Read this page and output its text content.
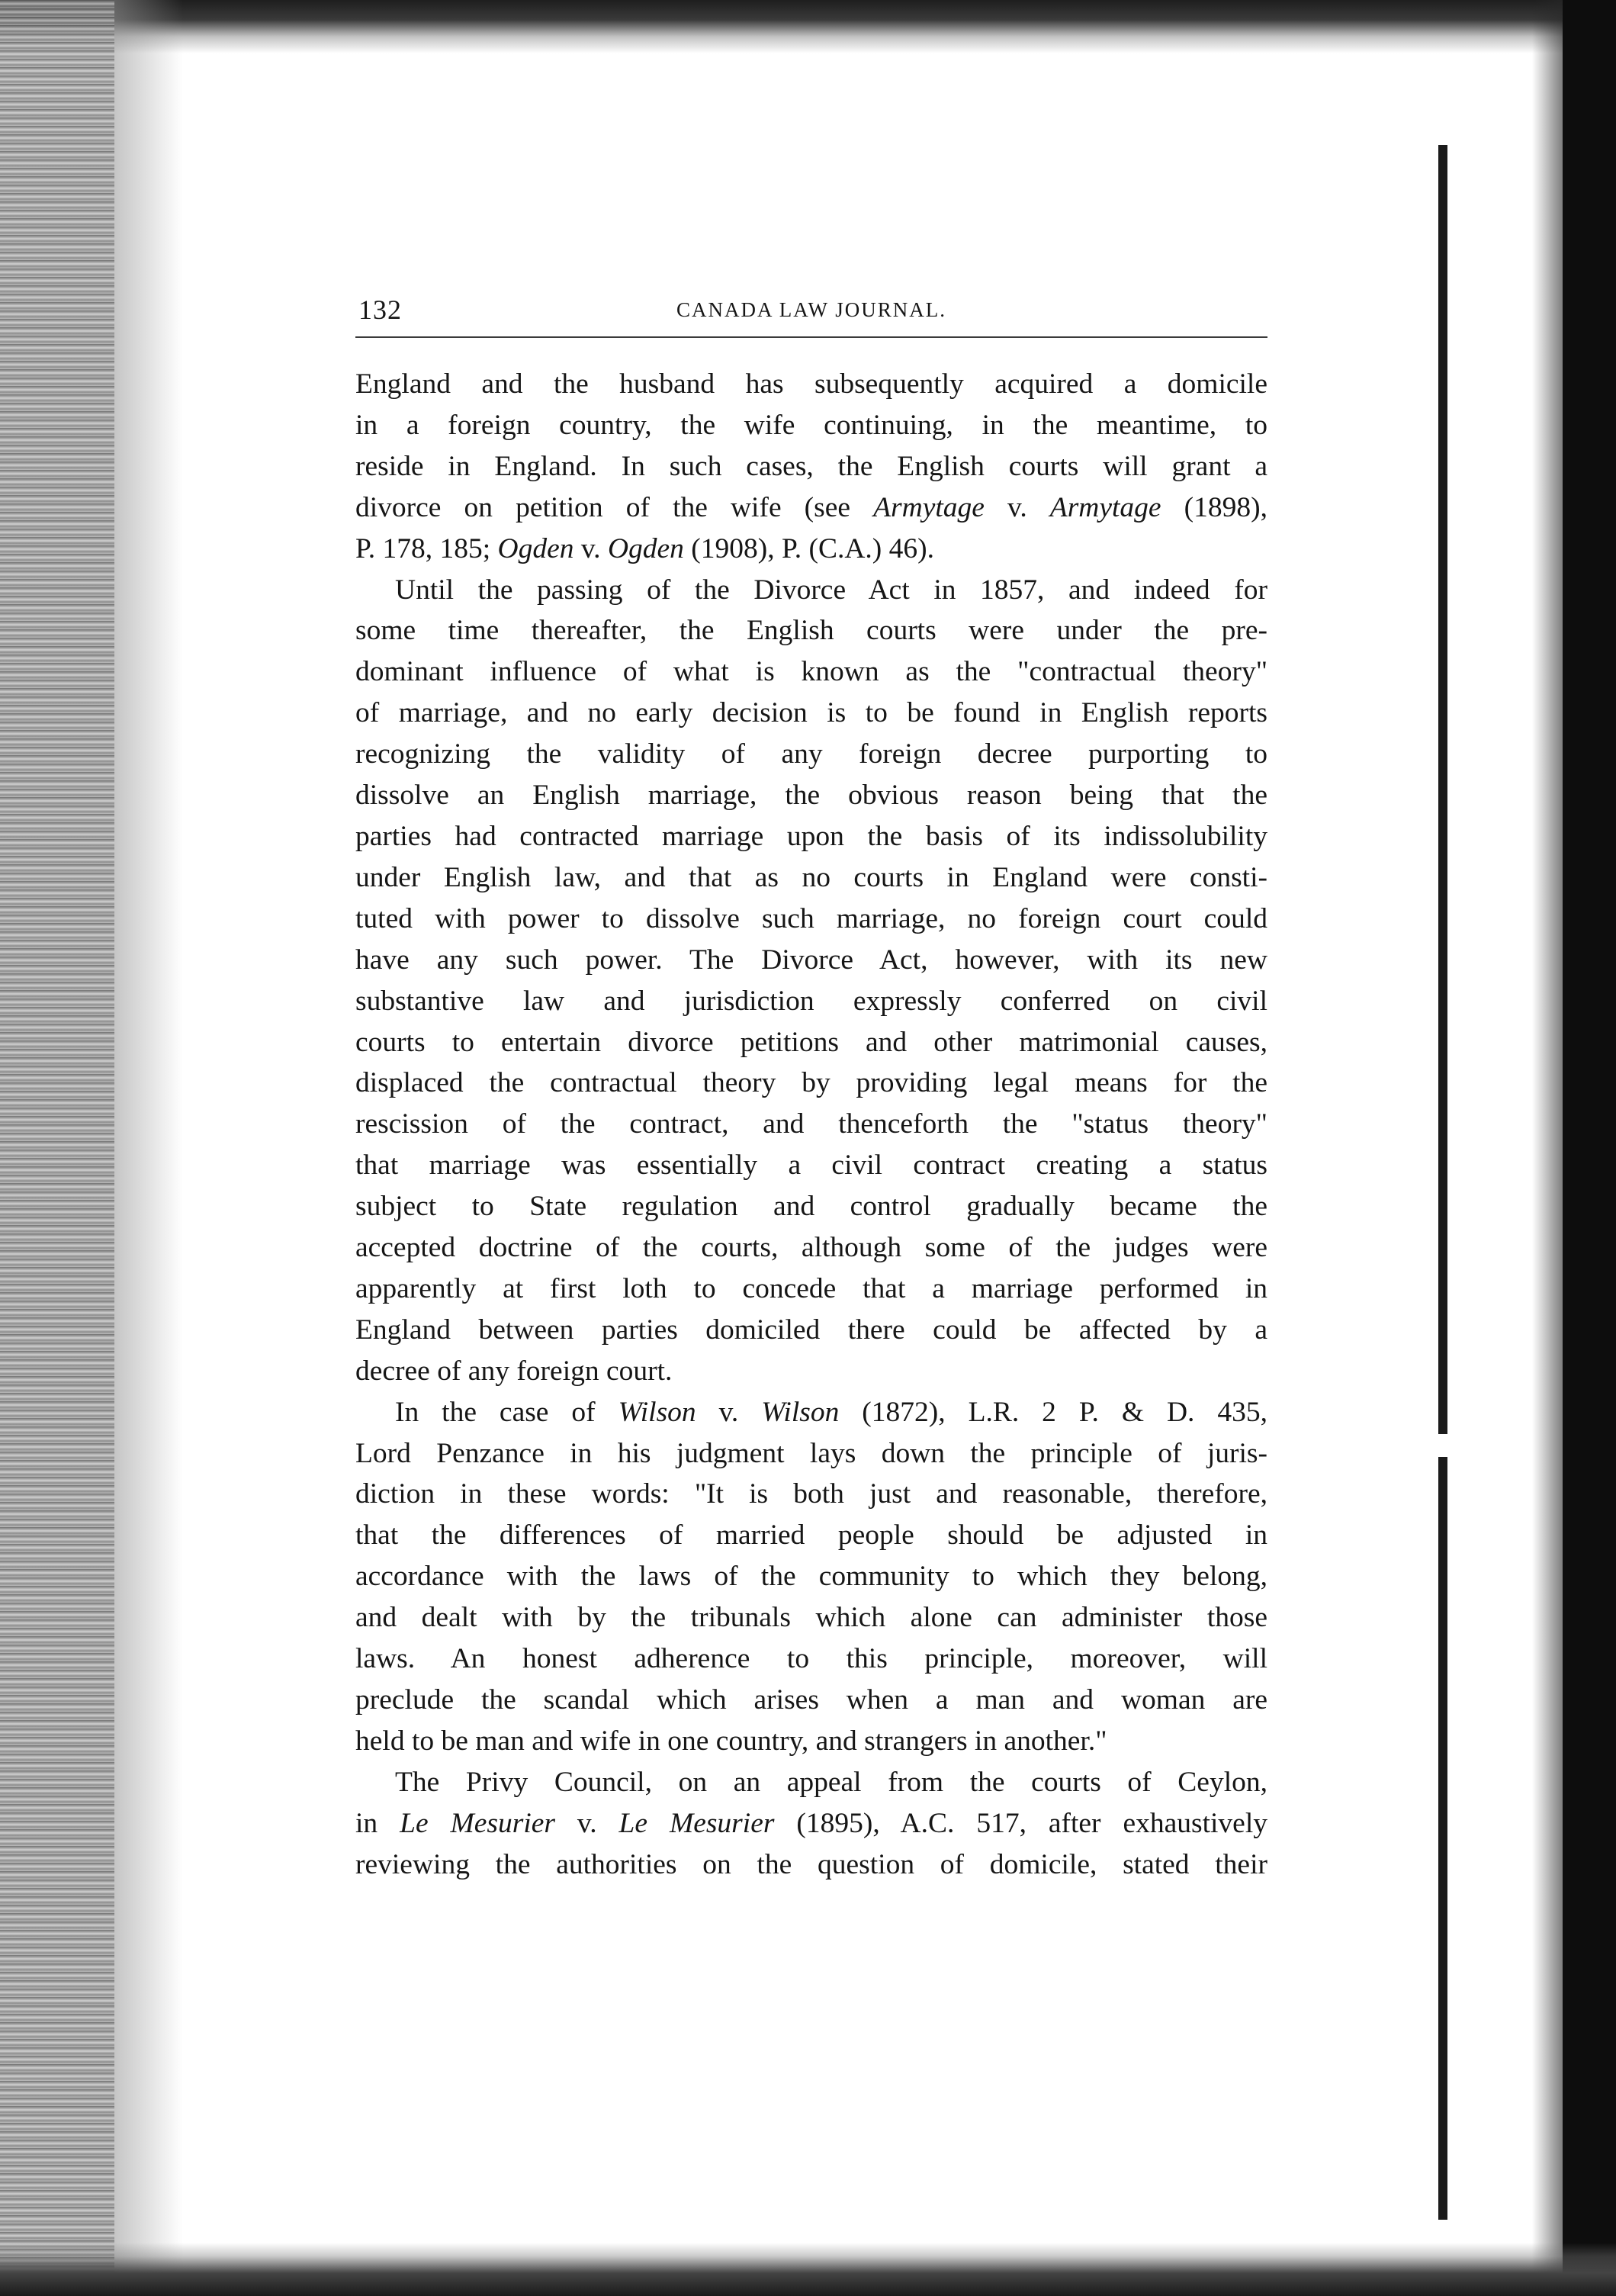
132	CANADA LAW JOURNAL.

England and the husband has subsequently acquired a domicile
in a foreign country, the wife continuing, in the meantime, to
reside in England. In such cases, the English courts will grant a
divorce on petition of the wife (see Armytage v. Armytage (1898),
P. 178, 185; Ogden v. Ogden (1908), P. (C.A.) 46).

Until the passing of the Divorce Act in 1857, and indeed for
some time thereafter, the English courts were under the pre-
dominant influence of what is known as the "contractual theory"
of marriage, and no early decision is to be found in English reports
recognizing the validity of any foreign decree purporting to
dissolve an English marriage, the obvious reason being that the
parties had contracted marriage upon the basis of its indissolubility
under English law, and that as no courts in England were consti-
tuted with power to dissolve such marriage, no foreign court could
have any such power. The Divorce Act, however, with its new
substantive law and jurisdiction expressly conferred on civil
courts to entertain divorce petitions and other matrimonial causes,
displaced the contractual theory by providing legal means for the
rescission of the contract, and thenceforth the "status theory"
that marriage was essentially a civil contract creating a status
subject to State regulation and control gradually became the
accepted doctrine of the courts, although some of the judges were
apparently at first loth to concede that a marriage performed in
England between parties domiciled there could be affected by a
decree of any foreign court.

In the case of Wilson v. Wilson (1872), L.R. 2 P. & D. 435,
Lord Penzance in his judgment lays down the principle of juris-
diction in these words: "It is both just and reasonable, therefore,
that the differences of married people should be adjusted in
accordance with the laws of the community to which they belong,
and dealt with by the tribunals which alone can administer those
laws. An honest adherence to this principle, moreover, will
preclude the scandal which arises when a man and woman are
held to be man and wife in one country, and strangers in another."

The Privy Council, on an appeal from the courts of Ceylon,
in Le Mesurier v. Le Mesurier (1895), A.C. 517, after exhaustively
reviewing the authorities on the question of domicile, stated their
